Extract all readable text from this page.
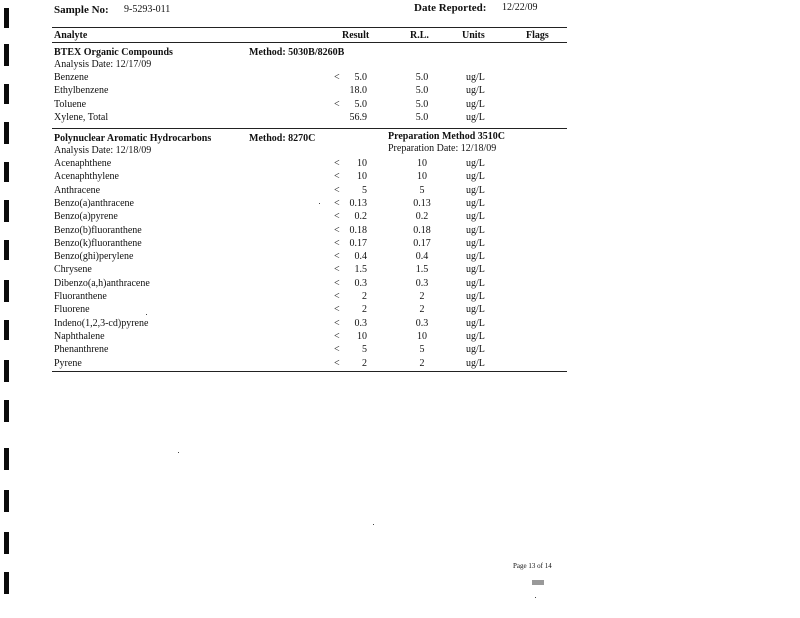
Sample No: 9-5293-011	Date Reported: 12/22/09
Analyte	Result	R.L.	Units	Flags
BTEX Organic Compounds	Method: 5030B/8260B
Analysis Date: 12/17/09
Benzene	< 5.0	5.0	ug/L
Ethylbenzene	18.0	5.0	ug/L
Toluene	< 5.0	5.0	ug/L
Xylene, Total	56.9	5.0	ug/L
Polynuclear Aromatic Hydrocarbons	Method: 8270C	Preparation Method 3510C
Preparation Date: 12/18/09
Analysis Date: 12/18/09
Acenaphthene	< 10	10	ug/L
Acenaphthylene	< 10	10	ug/L
Anthracene	< 5	5	ug/L
Benzo(a)anthracene	< 0.13	0.13	ug/L
Benzo(a)pyrene	< 0.2	0.2	ug/L
Benzo(b)fluoranthene	< 0.18	0.18	ug/L
Benzo(k)fluoranthene	< 0.17	0.17	ug/L
Benzo(ghi)perylene	< 0.4	0.4	ug/L
Chrysene	< 1.5	1.5	ug/L
Dibenzo(a,h)anthracene	< 0.3	0.3	ug/L
Fluoranthene	< 2	2	ug/L
Fluorene	< 2	2	ug/L
Indeno(1,2,3-cd)pyrene	< 0.3	0.3	ug/L
Naphthalene	< 10	10	ug/L
Phenanthrene	< 5	5	ug/L
Pyrene	< 2	2	ug/L
Page 13 of 14
